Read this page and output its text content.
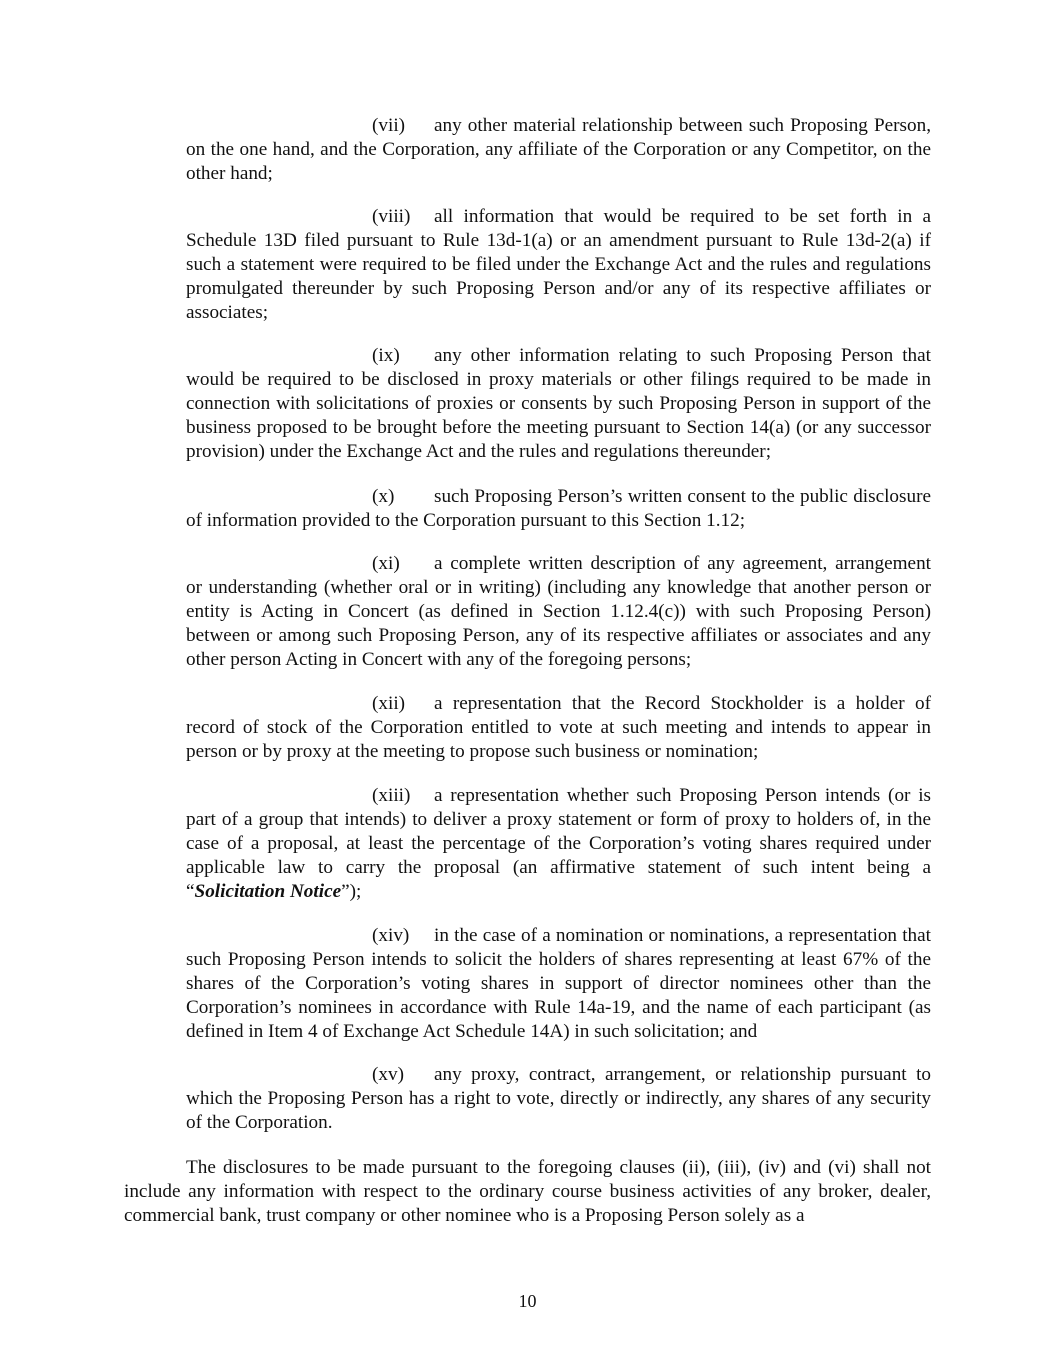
(vii) any other material relationship between such Proposing Person, on the one hand, and the Corporation, any affiliate of the Corporation or any Competitor, on the other hand;

(viii) all information that would be required to be set forth in a Schedule 13D filed pursuant to Rule 13d-1(a) or an amendment pursuant to Rule 13d-2(a) if such a statement were required to be filed under the Exchange Act and the rules and regulations promulgated thereunder by such Proposing Person and/or any of its respective affiliates or associates;

(ix) any other information relating to such Proposing Person that would be required to be disclosed in proxy materials or other filings required to be made in connection with solicitations of proxies or consents by such Proposing Person in support of the business proposed to be brought before the meeting pursuant to Section 14(a) (or any successor provision) under the Exchange Act and the rules and regulations thereunder;

(x) such Proposing Person’s written consent to the public disclosure of information provided to the Corporation pursuant to this Section 1.12;

(xi) a complete written description of any agreement, arrangement or understanding (whether oral or in writing) (including any knowledge that another person or entity is Acting in Concert (as defined in Section 1.12.4(c)) with such Proposing Person) between or among such Proposing Person, any of its respective affiliates or associates and any other person Acting in Concert with any of the foregoing persons;

(xii) a representation that the Record Stockholder is a holder of record of stock of the Corporation entitled to vote at such meeting and intends to appear in person or by proxy at the meeting to propose such business or nomination;

(xiii) a representation whether such Proposing Person intends (or is part of a group that intends) to deliver a proxy statement or form of proxy to holders of, in the case of a proposal, at least the percentage of the Corporation’s voting shares required under applicable law to carry the proposal (an affirmative statement of such intent being a “Solicitation Notice”);

(xiv) in the case of a nomination or nominations, a representation that such Proposing Person intends to solicit the holders of shares representing at least 67% of the shares of the Corporation’s voting shares in support of director nominees other than the Corporation’s nominees in accordance with Rule 14a-19, and the name of each participant (as defined in Item 4 of Exchange Act Schedule 14A) in such solicitation; and

(xv) any proxy, contract, arrangement, or relationship pursuant to which the Proposing Person has a right to vote, directly or indirectly, any shares of any security of the Corporation.

The disclosures to be made pursuant to the foregoing clauses (ii), (iii), (iv) and (vi) shall not include any information with respect to the ordinary course business activities of any broker, dealer, commercial bank, trust company or other nominee who is a Proposing Person solely as a

10
